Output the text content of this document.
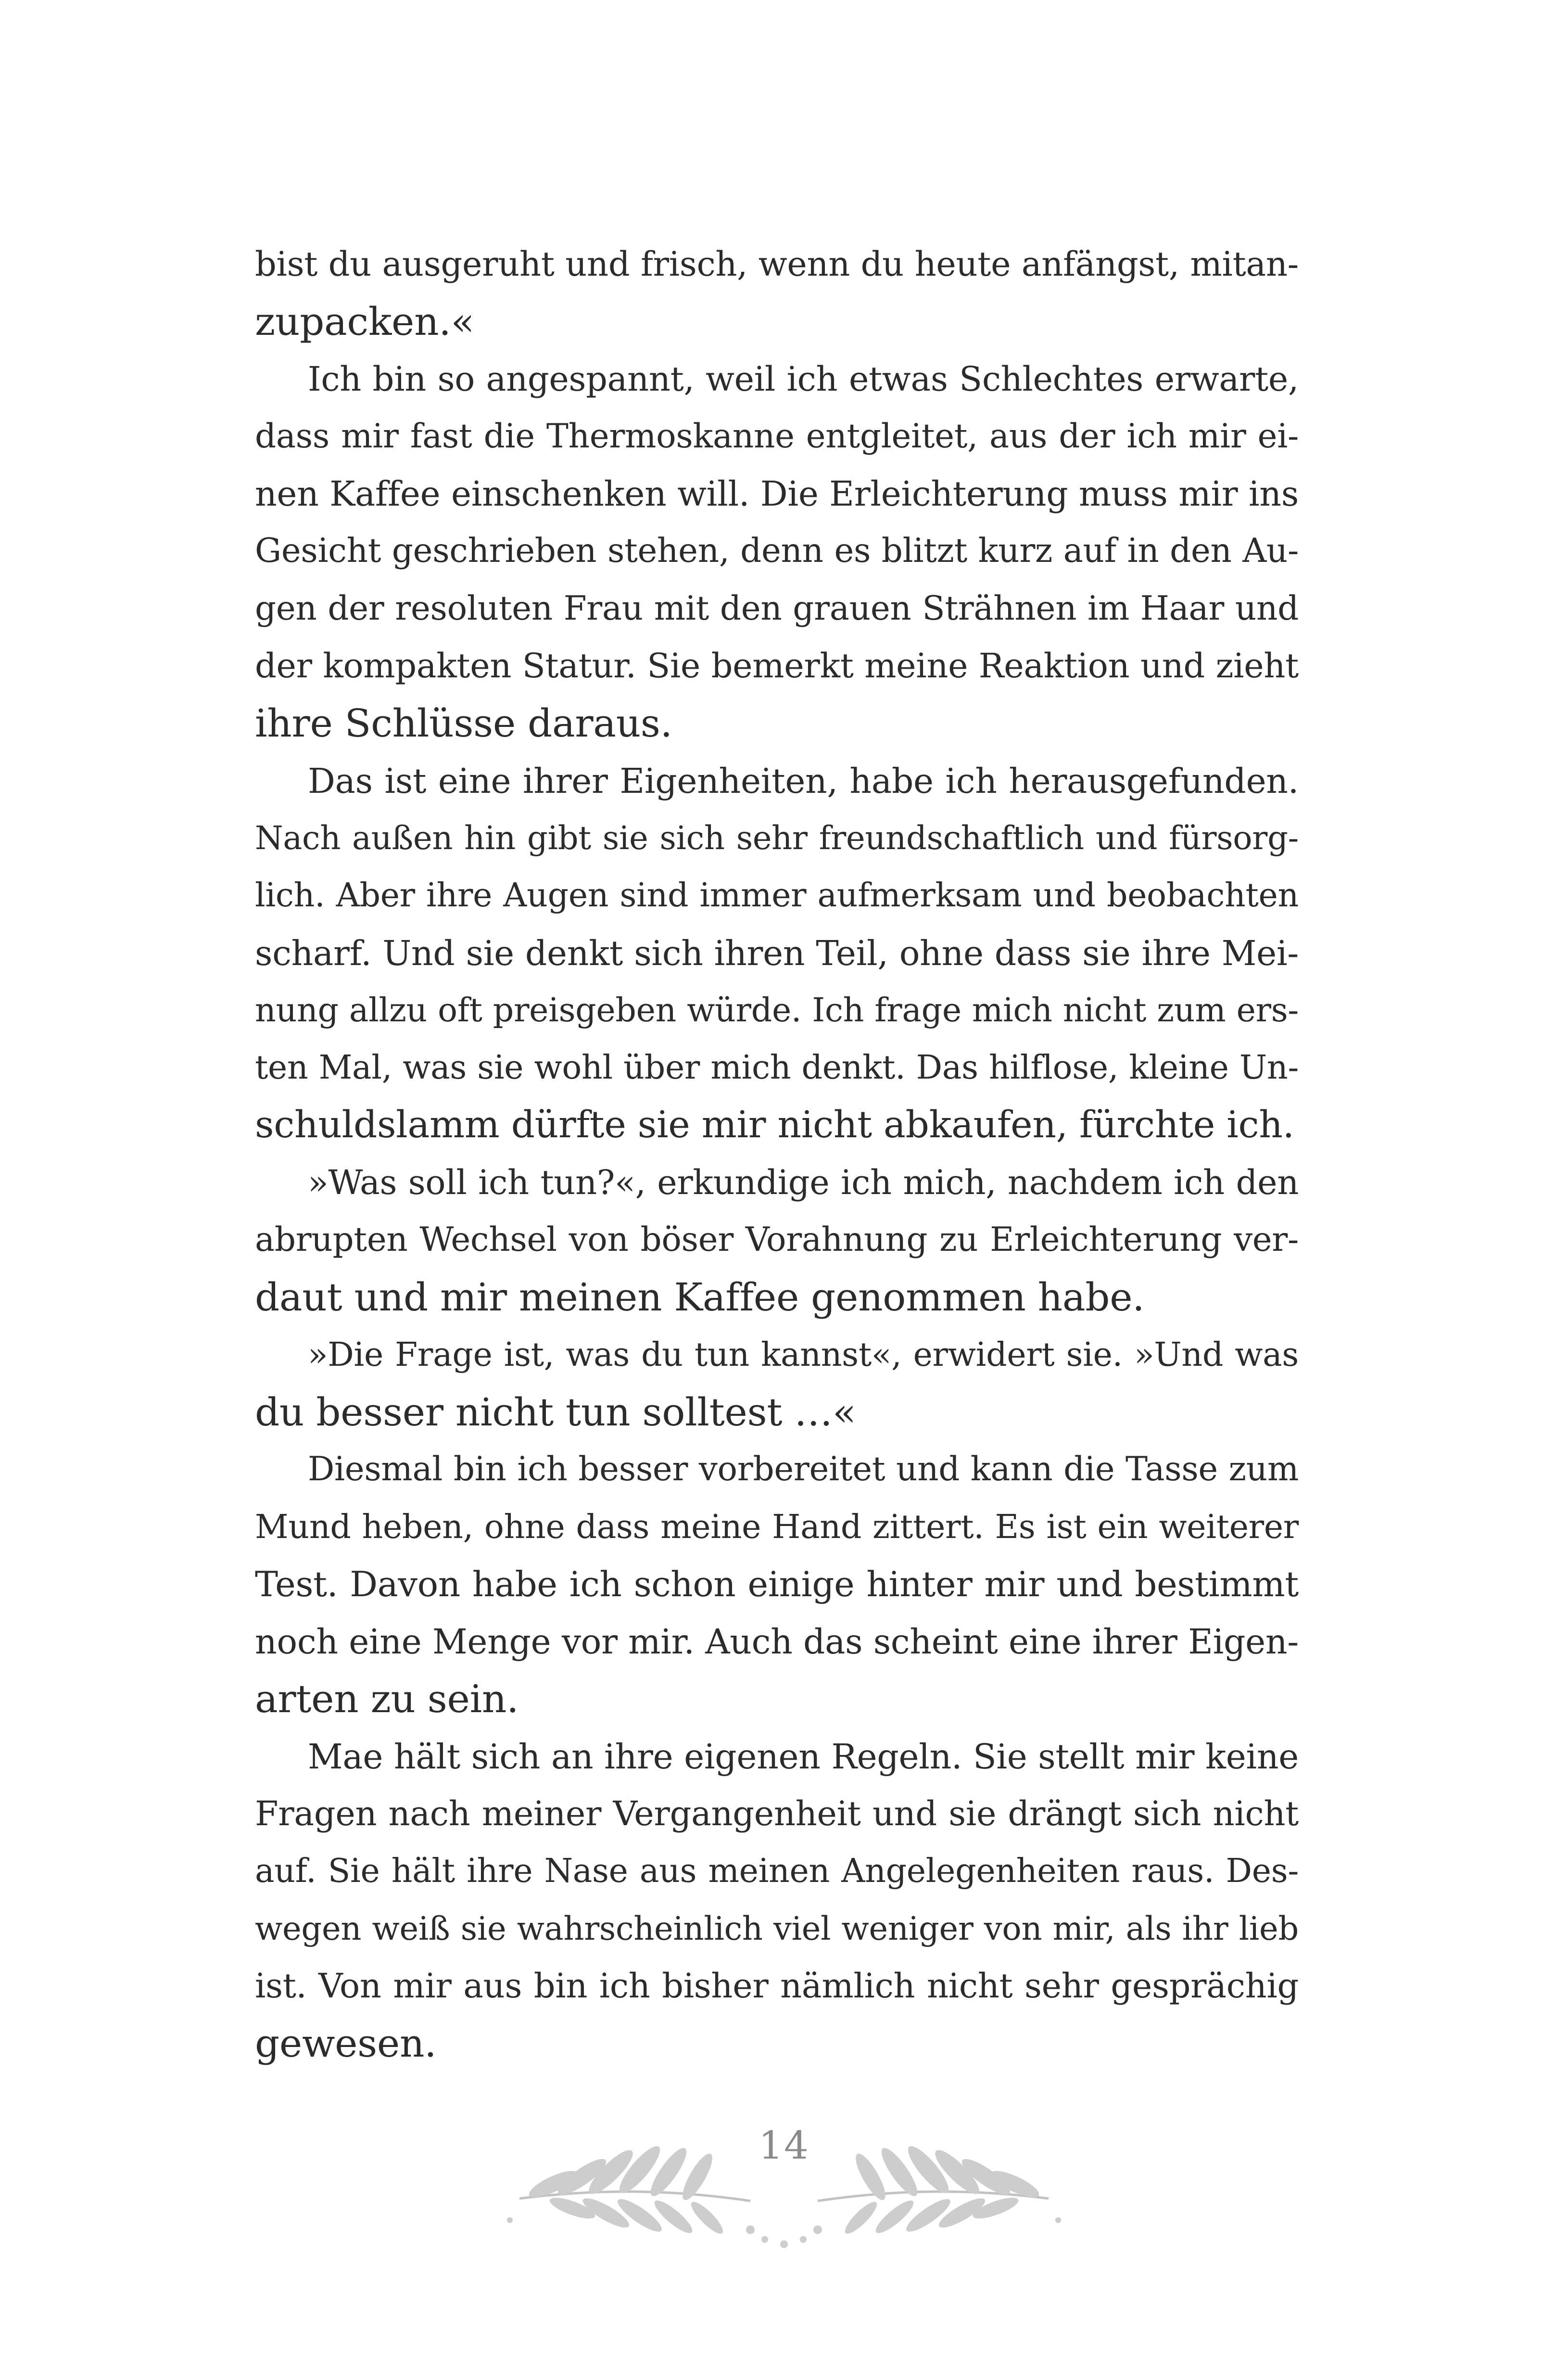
bist du ausgeruht und frisch, wenn du heute anfängst, mitan-
zupacken.«
Ich bin so angespannt, weil ich etwas Schlechtes erwarte,
dass mir fast die Thermoskanne entgleitet, aus der ich mir ei-
nen Kaffee einschenken will. Die Erleichterung muss mir ins
Gesicht geschrieben stehen, denn es blitzt kurz auf in den Au-
gen der resoluten Frau mit den grauen Strähnen im Haar und
der kompakten Statur. Sie bemerkt meine Reaktion und zieht
ihre Schlüsse daraus.
Das ist eine ihrer Eigenheiten, habe ich herausgefunden.
Nach außen hin gibt sie sich sehr freundschaftlich und fürsorg-
lich. Aber ihre Augen sind immer aufmerksam und beobachten
scharf. Und sie denkt sich ihren Teil, ohne dass sie ihre Mei-
nung allzu oft preisgeben würde. Ich frage mich nicht zum ers-
ten Mal, was sie wohl über mich denkt. Das hilflose, kleine Un-
schuldslamm dürfte sie mir nicht abkaufen, fürchte ich.
»Was soll ich tun?«, erkundige ich mich, nachdem ich den
abrupten Wechsel von böser Vorahnung zu Erleichterung ver-
daut und mir meinen Kaffee genommen habe.
»Die Frage ist, was du tun kannst«, erwidert sie. »Und was
du besser nicht tun solltest …«
Diesmal bin ich besser vorbereitet und kann die Tasse zum
Mund heben, ohne dass meine Hand zittert. Es ist ein weiterer
Test. Davon habe ich schon einige hinter mir und bestimmt
noch eine Menge vor mir. Auch das scheint eine ihrer Eigen-
arten zu sein.
Mae hält sich an ihre eigenen Regeln. Sie stellt mir keine
Fragen nach meiner Vergangenheit und sie drängt sich nicht
auf. Sie hält ihre Nase aus meinen Angelegenheiten raus. Des-
wegen weiß sie wahrscheinlich viel weniger von mir, als ihr lieb
ist. Von mir aus bin ich bisher nämlich nicht sehr gesprächig
gewesen.
14
